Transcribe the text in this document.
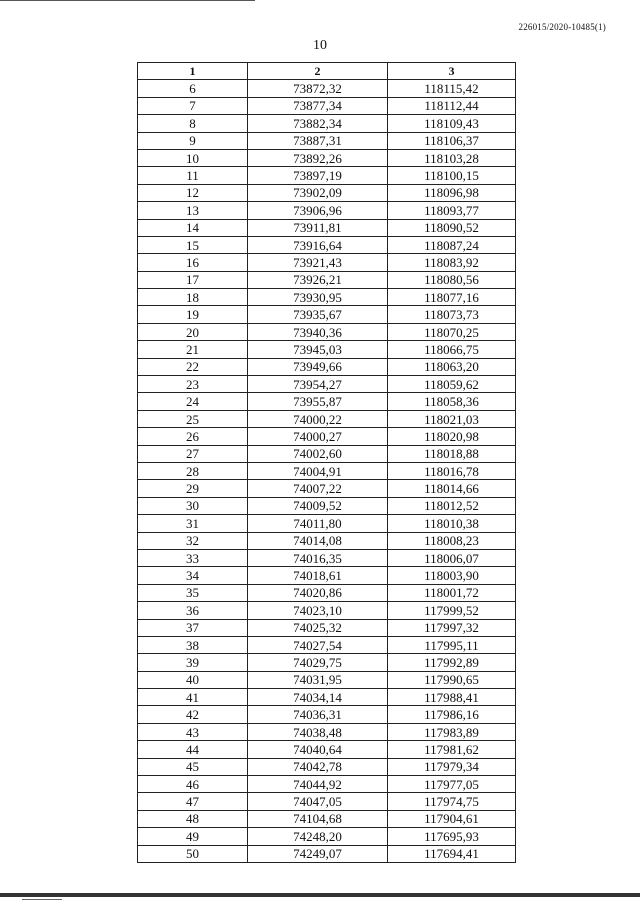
226015/2020-10485(1)
10
1	2	3
6	73872,32	118115,42
7	73877,34	118112,44
8	73882,34	118109,43
9	73887,31	118106,37
10	73892,26	118103,28
11	73897,19	118100,15
12	73902,09	118096,98
13	73906,96	118093,77
14	73911,81	118090,52
15	73916,64	118087,24
16	73921,43	118083,92
17	73926,21	118080,56
18	73930,95	118077,16
19	73935,67	118073,73
20	73940,36	118070,25
21	73945,03	118066,75
22	73949,66	118063,20
23	73954,27	118059,62
24	73955,87	118058,36
25	74000,22	118021,03
26	74000,27	118020,98
27	74002,60	118018,88
28	74004,91	118016,78
29	74007,22	118014,66
30	74009,52	118012,52
31	74011,80	118010,38
32	74014,08	118008,23
33	74016,35	118006,07
34	74018,61	118003,90
35	74020,86	118001,72
36	74023,10	117999,52
37	74025,32	117997,32
38	74027,54	117995,11
39	74029,75	117992,89
40	74031,95	117990,65
41	74034,14	117988,41
42	74036,31	117986,16
43	74038,48	117983,89
44	74040,64	117981,62
45	74042,78	117979,34
46	74044,92	117977,05
47	74047,05	117974,75
48	74104,68	117904,61
49	74248,20	117695,93
50	74249,07	117694,41
